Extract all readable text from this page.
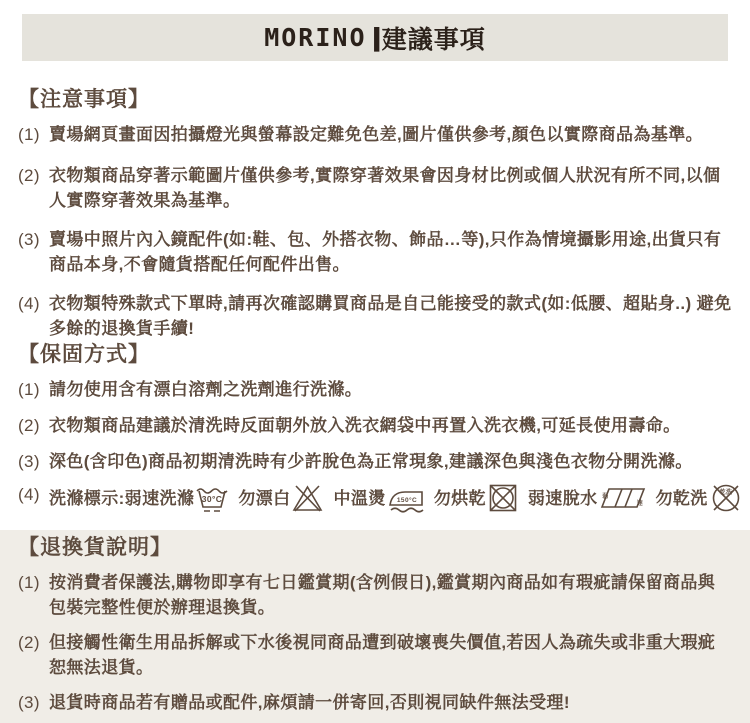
MORINO | 建議事項
【注意事項】
(1) 賣場網頁畫面因拍攝燈光與螢幕設定難免色差,圖片僅供參考,顏色以實際商品為基準。
(2) 衣物類商品穿著示範圖片僅供參考,實際穿著效果會因身材比例或個人狀況有所不同,以個人實際穿著效果為基準。
(3) 賣場中照片內入鏡配件(如:鞋、包、外搭衣物、飾品…等),只作為情境攝影用途,出貨只有商品本身,不會隨貨搭配任何配件出售。
(4) 衣物類特殊款式下單時,請再次確認購買商品是自己能接受的款式(如:低腰、超貼身..) 避免多餘的退換貨手續!
【保固方式】
(1) 請勿使用含有漂白溶劑之洗劑進行洗滌。
(2) 衣物類商品建議於清洗時反面朝外放入洗衣網袋中再置入洗衣機,可延長使用壽命。
(3) 深色(含印色)商品初期清洗時有少許脫色為正常現象,建議深色與淺色衣物分開洗滌。
(4) 洗滌標示: 弱速洗滌 30°C 勿漂白	中溫燙 150°C 勿烘乾 弱速脫水 弱
速 勿乾洗 乾洗
【退換貨說明】
(1) 按消費者保護法,購物即享有七日鑑賞期(含例假日),鑑賞期內商品如有瑕疵請保留商品與包裝完整性便於辦理退換貨。
(2) 但接觸性衛生用品拆解或下水後視同商品遭到破壞喪失價值,若因人為疏失或非重大瑕疵恕無法退貨。
(3) 退貨時商品若有贈品或配件,麻煩請一併寄回,否則視同缺件無法受理!
